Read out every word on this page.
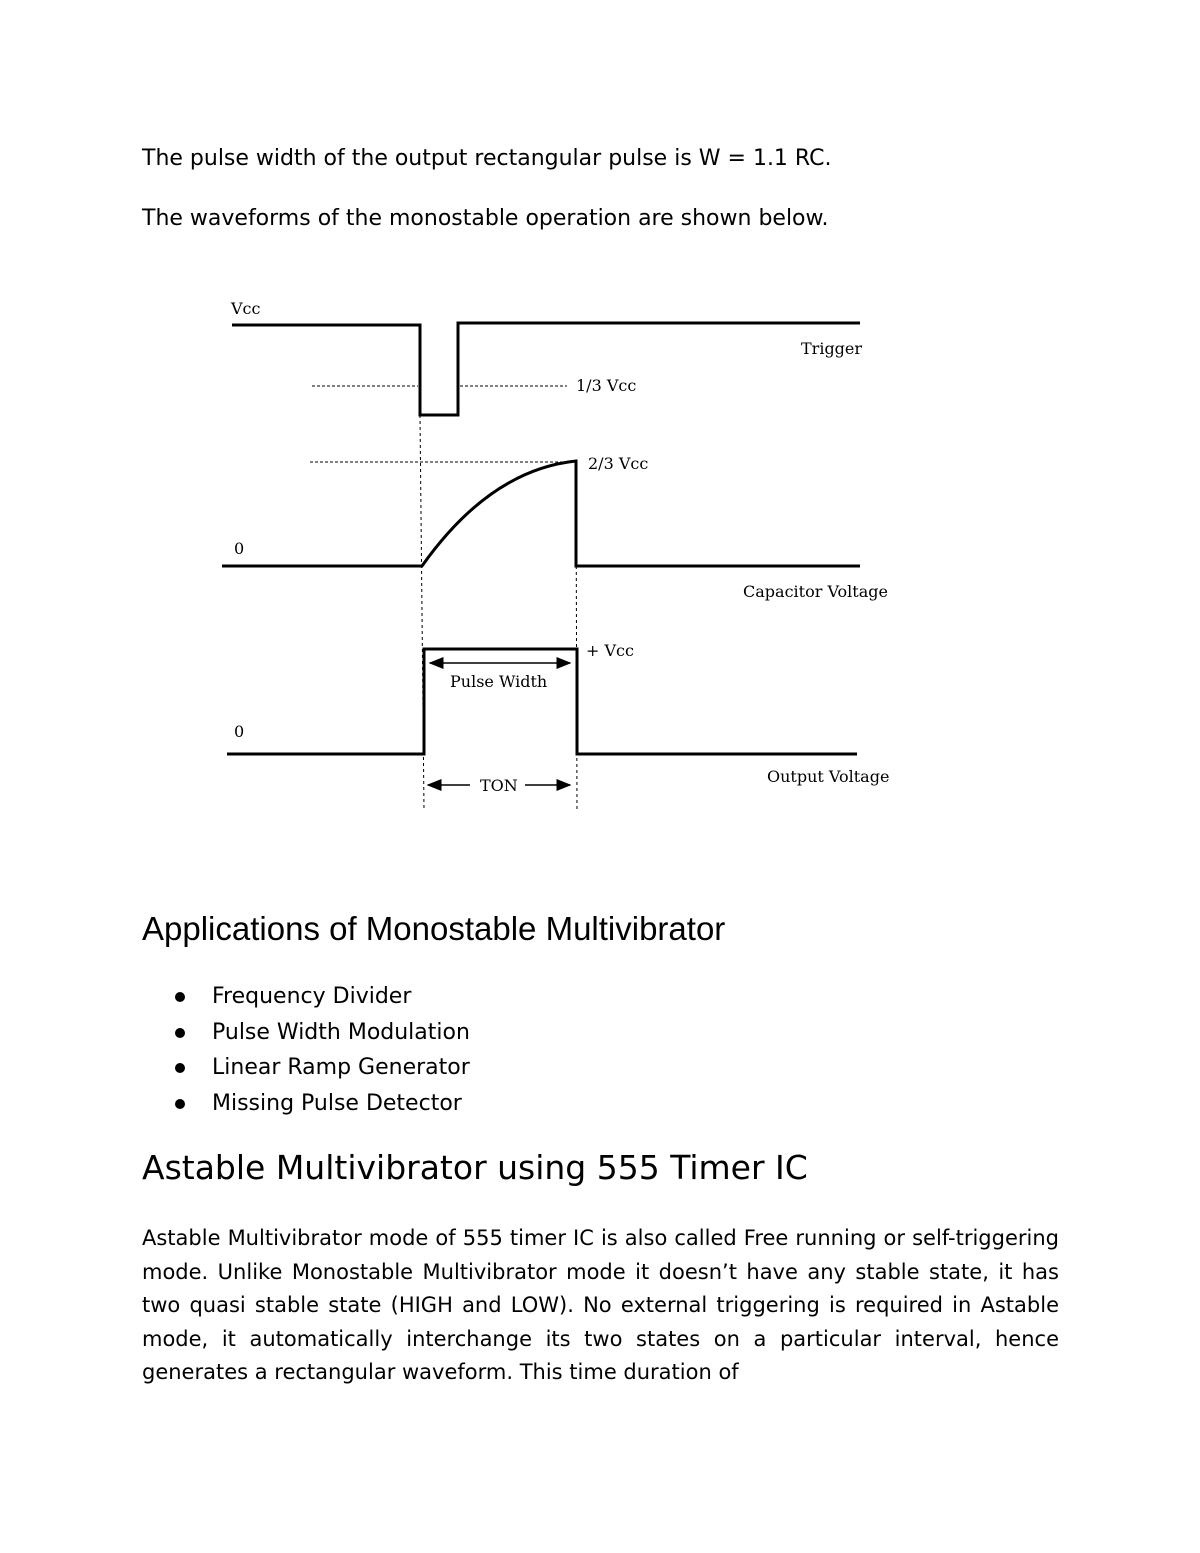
The pulse width of the output rectangular pulse is W = 1.1 RC.

The waveforms of the monostable operation are shown below.

Vcc
Trigger
1/3 Vcc
2/3 Vcc
0
Capacitor Voltage
+ Vcc
0
Output Voltage
Pulse Width
TON
Applications of Monostable Multivibrator
Frequency Divider
Pulse Width Modulation
Linear Ramp Generator
Missing Pulse Detector
Astable Multivibrator using 555 Timer IC

Astable Multivibrator mode of 555 timer IC is also called Free running or self-triggering mode. Unlike Monostable Multivibrator mode it doesn’t have any stable state, it has two quasi stable state (HIGH and LOW). No external triggering is required in Astable mode, it automatically interchange its two states on a particular interval, hence generates a rectangular waveform. This time duration of
